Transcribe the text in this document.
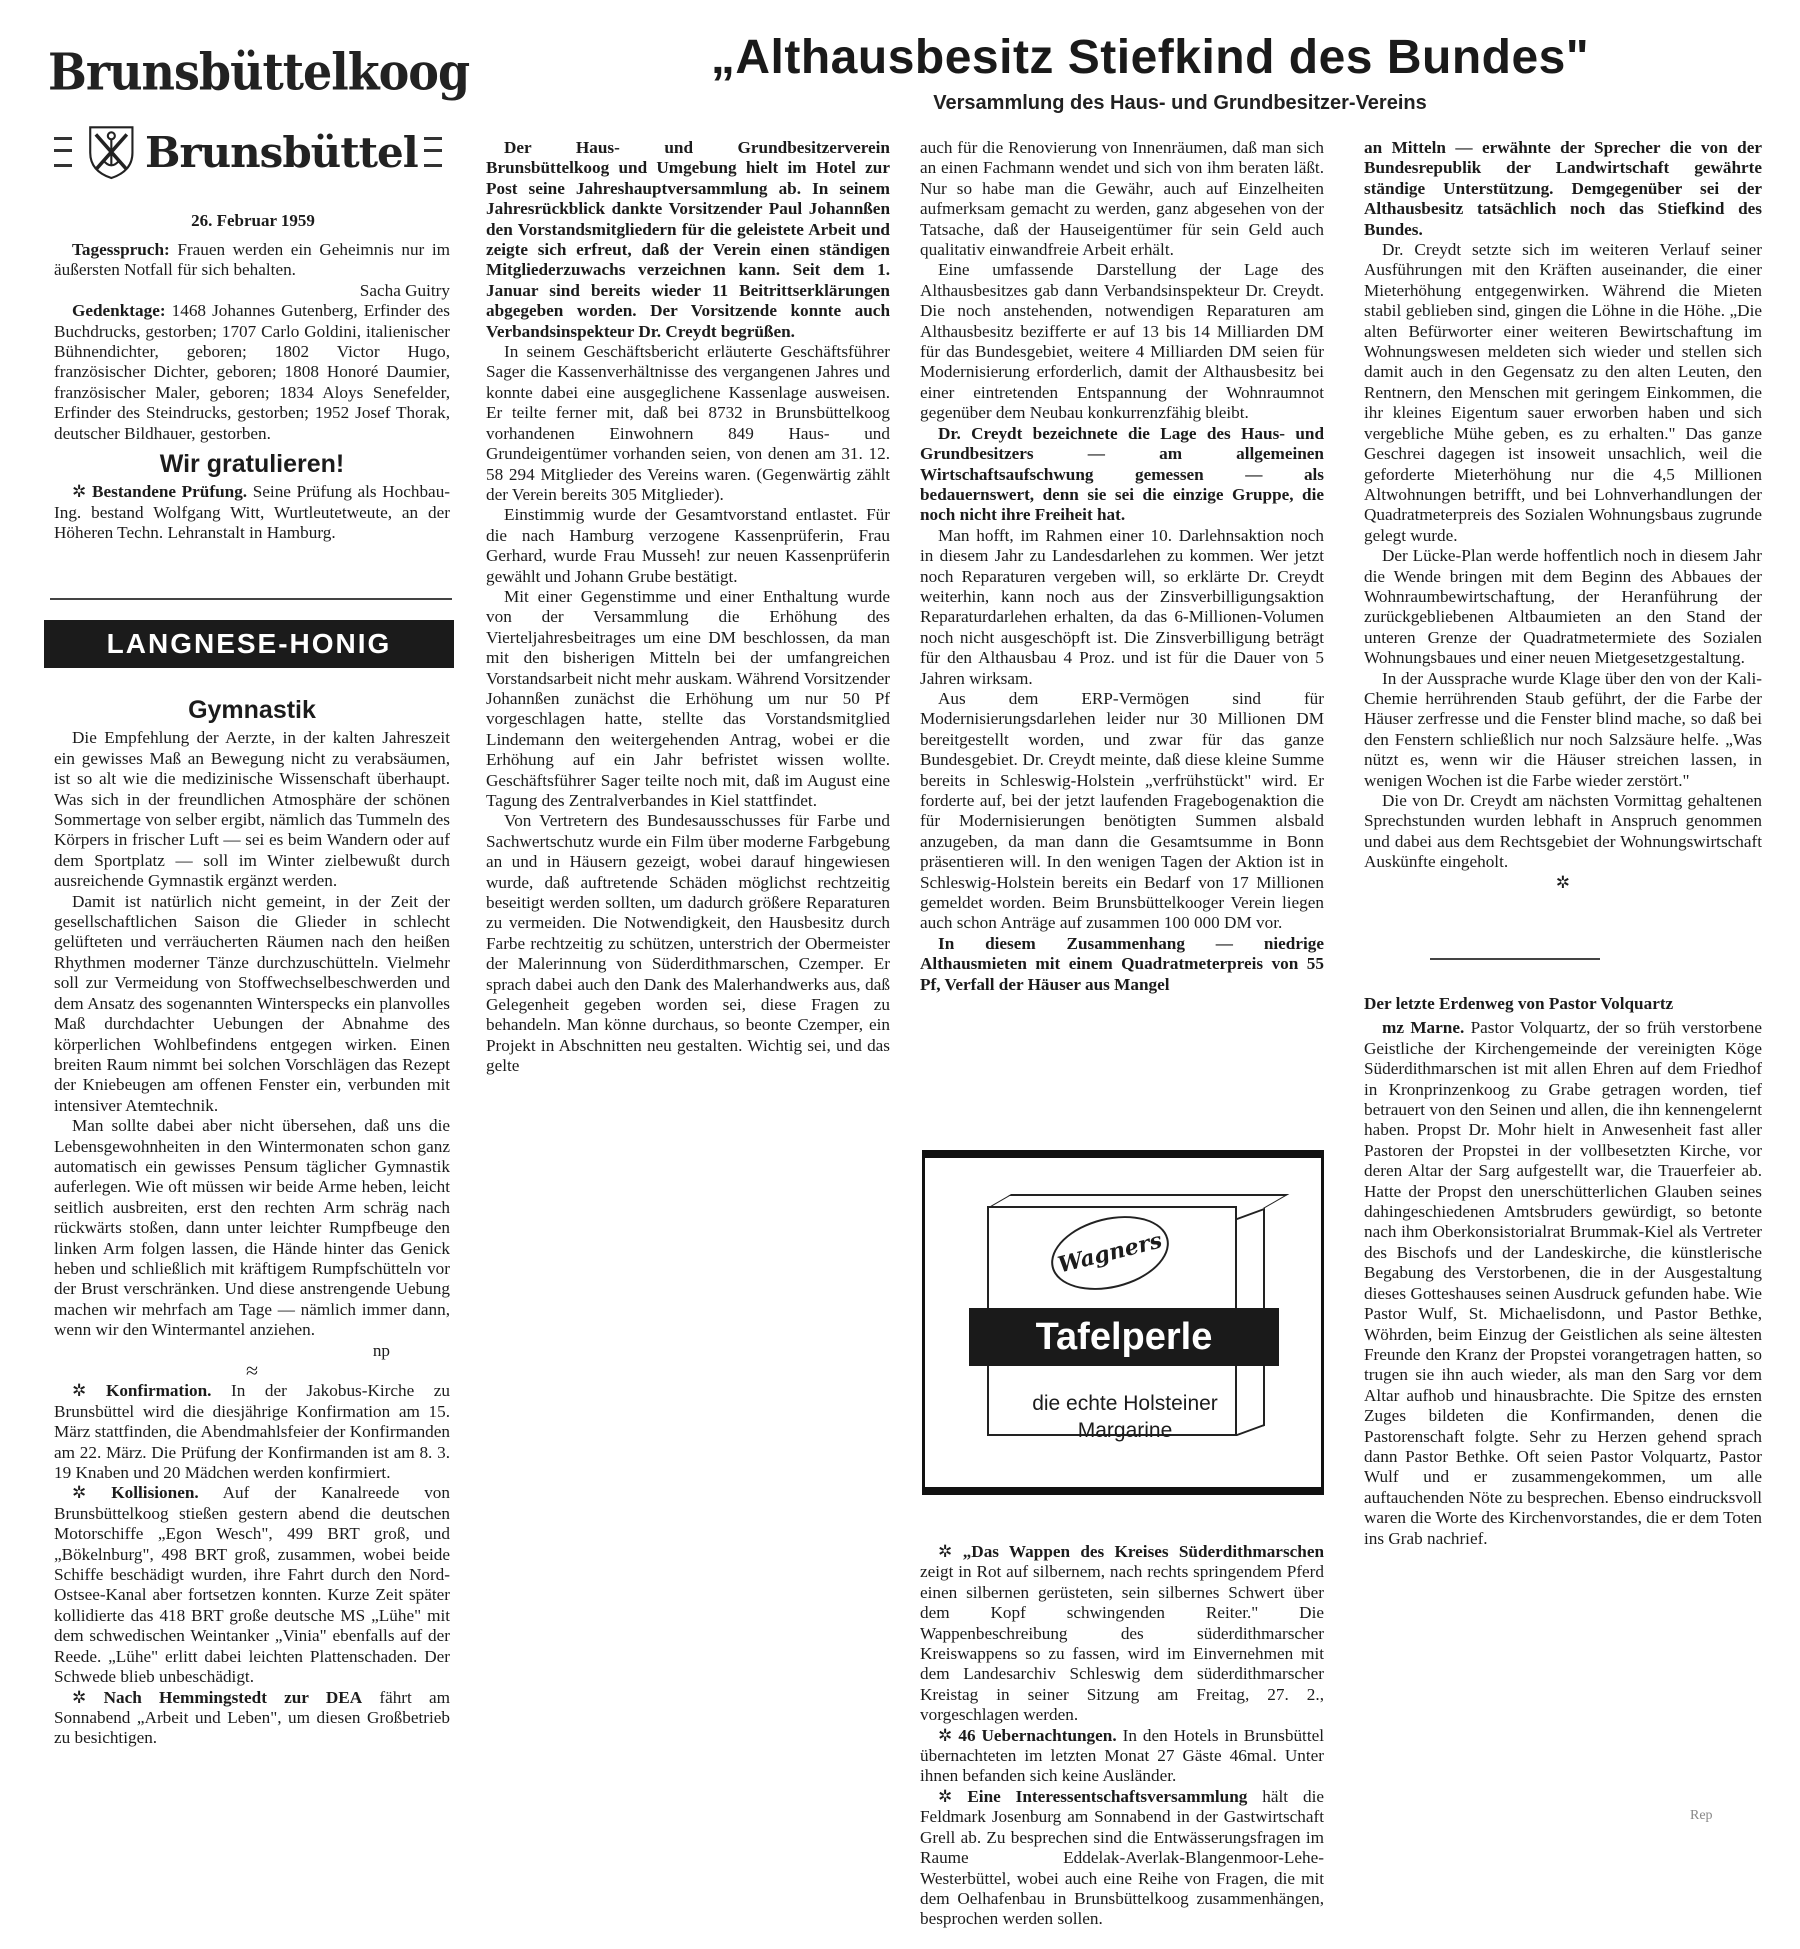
Brunsbüttelkoog
Brunsbüttel
26. Februar 1959

Tagesspruch: Frauen werden ein Geheimnis nur im äußersten Notfall für sich behalten.

Sacha Guitry

Gedenktage: 1468 Johannes Gutenberg, Erfinder des Buchdrucks, gestorben; 1707 Carlo Goldini, italienischer Bühnendichter, geboren; 1802 Victor Hugo, französischer Dichter, geboren; 1808 Honoré Daumier, französischer Maler, geboren; 1834 Aloys Senefelder, Erfinder des Steindrucks, gestorben; 1952 Josef Thorak, deutscher Bildhauer, gestorben.

Wir gratulieren!

✲ Bestandene Prüfung. Seine Prüfung als Hochbau-Ing. bestand Wolfgang Witt, Wurtleutetweute, an der Höheren Techn. Lehranstalt in Hamburg.

LANGNESE-HONIG
Gymnastik

Die Empfehlung der Aerzte, in der kalten Jahreszeit ein gewisses Maß an Bewegung nicht zu verabsäumen, ist so alt wie die medizinische Wissenschaft überhaupt. Was sich in der freundlichen Atmosphäre der schönen Sommertage von selber ergibt, nämlich das Tummeln des Körpers in frischer Luft — sei es beim Wandern oder auf dem Sportplatz — soll im Winter zielbewußt durch ausreichende Gymnastik ergänzt werden.

Damit ist natürlich nicht gemeint, in der Zeit der gesellschaftlichen Saison die Glieder in schlecht gelüfteten und verräucherten Räumen nach den heißen Rhythmen moderner Tänze durchzuschütteln. Vielmehr soll zur Vermeidung von Stoffwechselbeschwerden und dem Ansatz des sogenannten Winterspecks ein planvolles Maß durchdachter Uebungen der Abnahme des körperlichen Wohlbefindens entgegen wirken. Einen breiten Raum nimmt bei solchen Vorschlägen das Rezept der Kniebeugen am offenen Fenster ein, verbunden mit intensiver Atemtechnik.

Man sollte dabei aber nicht übersehen, daß uns die Lebensgewohnheiten in den Wintermonaten schon ganz automatisch ein gewisses Pensum täglicher Gymnastik auferlegen. Wie oft müssen wir beide Arme heben, leicht seitlich ausbreiten, erst den rechten Arm schräg nach rückwärts stoßen, dann unter leichter Rumpfbeuge den linken Arm folgen lassen, die Hände hinter das Genick heben und schließlich mit kräftigem Rumpfschütteln vor der Brust verschränken. Und diese anstrengende Uebung machen wir mehrfach am Tage — nämlich immer dann, wenn wir den Wintermantel anziehen.

np
≈

✲ Konfirmation. In der Jakobus-Kirche zu Brunsbüttel wird die diesjährige Konfirmation am 15. März stattfinden, die Abendmahlsfeier der Konfirmanden am 22. März. Die Prüfung der Konfirmanden ist am 8. 3. 19 Knaben und 20 Mädchen werden konfirmiert.

✲ Kollisionen. Auf der Kanalreede von Brunsbüttelkoog stießen gestern abend die deutschen Motorschiffe „Egon Wesch", 499 BRT groß, und „Bökelnburg", 498 BRT groß, zusammen, wobei beide Schiffe beschädigt wurden, ihre Fahrt durch den Nord-Ostsee-Kanal aber fortsetzen konnten. Kurze Zeit später kollidierte das 418 BRT große deutsche MS „Lühe" mit dem schwedischen Weintanker „Vinia" ebenfalls auf der Reede. „Lühe" erlitt dabei leichten Plattenschaden. Der Schwede blieb unbeschädigt.

✲ Nach Hemmingstedt zur DEA fährt am Sonnabend „Arbeit und Leben", um diesen Großbetrieb zu besichtigen.

„Althausbesitz Stiefkind des Bundes"
Versammlung des Haus- und Grundbesitzer-Vereins

Der Haus- und Grundbesitzerverein Brunsbüttelkoog und Umgebung hielt im Hotel zur Post seine Jahreshauptversammlung ab. In seinem Jahresrückblick dankte Vorsitzender Paul Johannßen den Vorstandsmitgliedern für die geleistete Arbeit und zeigte sich erfreut, daß der Verein einen ständigen Mitgliederzuwachs verzeichnen kann. Seit dem 1. Januar sind bereits wieder 11 Beitrittserklärungen abgegeben worden. Der Vorsitzende konnte auch Verbandsinspekteur Dr. Creydt begrüßen.

In seinem Geschäftsbericht erläuterte Geschäftsführer Sager die Kassenverhältnisse des vergangenen Jahres und konnte dabei eine ausgeglichene Kassenlage ausweisen. Er teilte ferner mit, daß bei 8732 in Brunsbüttelkoog vorhandenen Einwohnern 849 Haus- und Grundeigentümer vorhanden seien, von denen am 31. 12. 58 294 Mitglieder des Vereins waren. (Gegenwärtig zählt der Verein bereits 305 Mitglieder).

Einstimmig wurde der Gesamtvorstand entlastet. Für die nach Hamburg verzogene Kassenprüferin, Frau Gerhard, wurde Frau Musseh! zur neuen Kassenprüferin gewählt und Johann Grube bestätigt.

Mit einer Gegenstimme und einer Enthaltung wurde von der Versammlung die Erhöhung des Vierteljahresbeitrages um eine DM beschlossen, da man mit den bisherigen Mitteln bei der umfangreichen Vorstandsarbeit nicht mehr auskam. Während Vorsitzender Johannßen zunächst die Erhöhung um nur 50 Pf vorgeschlagen hatte, stellte das Vorstandsmitglied Lindemann den weitergehenden Antrag, wobei er die Erhöhung auf ein Jahr befristet wissen wollte. Geschäftsführer Sager teilte noch mit, daß im August eine Tagung des Zentralverbandes in Kiel stattfindet.

Von Vertretern des Bundesausschusses für Farbe und Sachwertschutz wurde ein Film über moderne Farbgebung an und in Häusern gezeigt, wobei darauf hingewiesen wurde, daß auftretende Schäden möglichst rechtzeitig beseitigt werden sollten, um dadurch größere Reparaturen zu vermeiden. Die Notwendigkeit, den Hausbesitz durch Farbe rechtzeitig zu schützen, unterstrich der Obermeister der Malerinnung von Süderdithmarschen, Czemper. Er sprach dabei auch den Dank des Malerhandwerks aus, daß Gelegenheit gegeben worden sei, diese Fragen zu behandeln. Man könne durchaus, so beonte Czemper, ein Projekt in Abschnitten neu gestalten. Wichtig sei, und das gelte

auch für die Renovierung von Innenräumen, daß man sich an einen Fachmann wendet und sich von ihm beraten läßt. Nur so habe man die Gewähr, auch auf Einzelheiten aufmerksam gemacht zu werden, ganz abgesehen von der Tatsache, daß der Hauseigentümer für sein Geld auch qualitativ einwandfreie Arbeit erhält.

Eine umfassende Darstellung der Lage des Althausbesitzes gab dann Verbandsinspekteur Dr. Creydt. Die noch anstehenden, notwendigen Reparaturen am Althausbesitz bezifferte er auf 13 bis 14 Milliarden DM für das Bundesgebiet, weitere 4 Milliarden DM seien für Modernisierung erforderlich, damit der Althausbesitz bei einer eintretenden Entspannung der Wohnraumnot gegenüber dem Neubau konkurrenzfähig bleibt.

Dr. Creydt bezeichnete die Lage des Haus- und Grundbesitzers — am allgemeinen Wirtschaftsaufschwung gemessen — als bedauernswert, denn sie sei die einzige Gruppe, die noch nicht ihre Freiheit hat.

Man hofft, im Rahmen einer 10. Darlehnsaktion noch in diesem Jahr zu Landesdarlehen zu kommen. Wer jetzt noch Reparaturen vergeben will, so erklärte Dr. Creydt weiterhin, kann noch aus der Zinsverbilligungsaktion Reparaturdarlehen erhalten, da das 6-Millionen-Volumen noch nicht ausgeschöpft ist. Die Zinsverbilligung beträgt für den Althausbau 4 Proz. und ist für die Dauer von 5 Jahren wirksam.

Aus dem ERP-Vermögen sind für Modernisierungsdarlehen leider nur 30 Millionen DM bereitgestellt worden, und zwar für das ganze Bundesgebiet. Dr. Creydt meinte, daß diese kleine Summe bereits in Schleswig-Holstein „verfrühstückt" wird. Er forderte auf, bei der jetzt laufenden Fragebogenaktion die für Modernisierungen benötigten Summen alsbald anzugeben, da man dann die Gesamtsumme in Bonn präsentieren will. In den wenigen Tagen der Aktion ist in Schleswig-Holstein bereits ein Bedarf von 17 Millionen gemeldet worden. Beim Brunsbüttelkooger Verein liegen auch schon Anträge auf zusammen 100 000 DM vor.

In diesem Zusammenhang — niedrige Althausmieten mit einem Quadratmeterpreis von 55 Pf, Verfall der Häuser aus Mangel

an Mitteln — erwähnte der Sprecher die von der Bundesrepublik der Landwirtschaft gewährte ständige Unterstützung. Demgegenüber sei der Althausbesitz tatsächlich noch das Stiefkind des Bundes.

Dr. Creydt setzte sich im weiteren Verlauf seiner Ausführungen mit den Kräften auseinander, die einer Mieterhöhung entgegenwirken. Während die Mieten stabil geblieben sind, gingen die Löhne in die Höhe. „Die alten Befürworter einer weiteren Bewirtschaftung im Wohnungswesen meldeten sich wieder und stellen sich damit auch in den Gegensatz zu den alten Leuten, den Rentnern, den Menschen mit geringem Einkommen, die ihr kleines Eigentum sauer erworben haben und sich vergebliche Mühe geben, es zu erhalten." Das ganze Geschrei dagegen ist insoweit unsachlich, weil die geforderte Mieterhöhung nur die 4,5 Millionen Altwohnungen betrifft, und bei Lohnverhandlungen der Quadratmeterpreis des Sozialen Wohnungsbaus zugrunde gelegt wurde.

Der Lücke-Plan werde hoffentlich noch in diesem Jahr die Wende bringen mit dem Beginn des Abbaues der Wohnraumbewirtschaftung, der Heranführung der zurückgebliebenen Altbaumieten an den Stand der unteren Grenze der Quadratmetermiete des Sozialen Wohnungsbaues und einer neuen Mietgesetzgestaltung.

In der Aussprache wurde Klage über den von der Kali-Chemie herrührenden Staub geführt, der die Farbe der Häuser zerfresse und die Fenster blind mache, so daß bei den Fenstern schließlich nur noch Salzsäure helfe. „Was nützt es, wenn wir die Häuser streichen lassen, in wenigen Wochen ist die Farbe wieder zerstört."

Die von Dr. Creydt am nächsten Vormittag gehaltenen Sprechstunden wurden lebhaft in Anspruch genommen und dabei aus dem Rechtsgebiet der Wohnungswirtschaft Auskünfte eingeholt.

✲
Der letzte Erdenweg von Pastor Volquartz

mz Marne. Pastor Volquartz, der so früh verstorbene Geistliche der Kirchengemeinde der vereinigten Köge Süderdithmarschen ist mit allen Ehren auf dem Friedhof in Kronprinzenkoog zu Grabe getragen worden, tief betrauert von den Seinen und allen, die ihn kennengelernt haben. Propst Dr. Mohr hielt in Anwesenheit fast aller Pastoren der Propstei in der vollbesetzten Kirche, vor deren Altar der Sarg aufgestellt war, die Trauerfeier ab. Hatte der Propst den unerschütterlichen Glauben seines dahingeschiedenen Amtsbruders gewürdigt, so betonte nach ihm Oberkonsistorialrat Brummak-Kiel als Vertreter des Bischofs und der Landeskirche, die künstlerische Begabung des Verstorbenen, die in der Ausgestaltung dieses Gotteshauses seinen Ausdruck gefunden habe. Wie Pastor Wulf, St. Michaelisdonn, und Pastor Bethke, Wöhrden, beim Einzug der Geistlichen als seine ältesten Freunde den Kranz der Propstei vorangetragen hatten, so trugen sie ihn auch wieder, als man den Sarg vor dem Altar aufhob und hinausbrachte. Die Spitze des ernsten Zuges bildeten die Konfirmanden, denen die Pastorenschaft folgte. Sehr zu Herzen gehend sprach dann Pastor Bethke. Oft seien Pastor Volquartz, Pastor Wulf und er zusammengekommen, um alle auftauchenden Nöte zu besprechen. Ebenso eindrucksvoll waren die Worte des Kirchenvorstandes, die er dem Toten ins Grab nachrief.

Wagners
Tafelperle
die echte Holsteiner
Margarine

✲ „Das Wappen des Kreises Süderdithmarschen zeigt in Rot auf silbernem, nach rechts springendem Pferd einen silbernen gerüsteten, sein silbernes Schwert über dem Kopf schwingenden Reiter." Die Wappenbeschreibung des süderdithmarscher Kreiswappens so zu fassen, wird im Einvernehmen mit dem Landesarchiv Schleswig dem süderdithmarscher Kreistag in seiner Sitzung am Freitag, 27. 2., vorgeschlagen werden.

✲ 46 Uebernachtungen. In den Hotels in Brunsbüttel übernachteten im letzten Monat 27 Gäste 46mal. Unter ihnen befanden sich keine Ausländer.

✲ Eine Interessentschaftsversammlung hält die Feldmark Josenburg am Sonnabend in der Gastwirtschaft Grell ab. Zu besprechen sind die Entwässerungsfragen im Raume Eddelak-Averlak-Blangenmoor-Lehe-Westerbüttel, wobei auch eine Reihe von Fragen, die mit dem Oelhafenbau in Brunsbüttelkoog zusammenhängen, besprochen werden sollen.

Rep
